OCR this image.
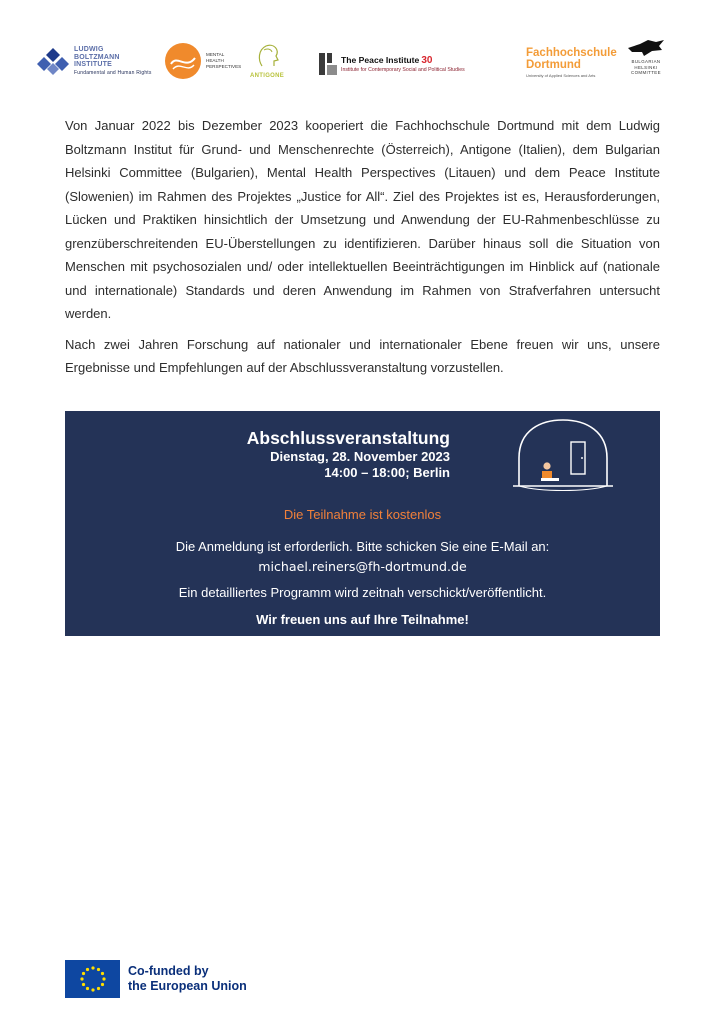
LUDWIG
BOLTZMANN
INSTITUTE
Fundamental and Human Rights
MENTAL
HEALTH
PERSPECTIVES
ANTIGONE
The Peace Institute 30
Institute for Contemporary Social and Political Studies
Fachhochschule
Dortmund
University of Applied Sciences and Arts
BULGARIAN
HELSINKI
COMMITTEE

Von Januar 2022 bis Dezember 2023 kooperiert die Fachhochschule Dortmund mit dem Ludwig Boltzmann Institut für Grund- und Menschenrechte (Österreich), Antigone (Italien), dem Bulgarian Helsinki Committee (Bulgarien), Mental Health Perspectives (Litauen) und dem Peace Institute (Slowenien) im Rahmen des Projektes „Justice for All“. Ziel des Projektes ist es, Herausforderungen, Lücken und Praktiken hinsichtlich der Umsetzung und Anwendung der EU-Rahmenbeschlüsse zu grenzüberschreitenden EU-Überstellungen zu identifizieren. Darüber hinaus soll die Situation von Menschen mit psychosozialen und/ oder intellektuellen Beeinträchtigungen im Hinblick auf (nationale und internationale) Standards und deren Anwendung im Rahmen von Strafverfahren untersucht werden.

Nach zwei Jahren Forschung auf nationaler und internationaler Ebene freuen wir uns, unsere Ergebnisse und Empfehlungen auf der Abschlussveranstaltung vorzustellen.

Abschlussveranstaltung
Dienstag, 28. November 2023
14:00 – 18:00; Berlin
Die Teilnahme ist kostenlos
Die Anmeldung ist erforderlich. Bitte schicken Sie eine E-Mail an:
michael.reiners@fh-dortmund.de
Ein detailliertes Programm wird zeitnah verschickt/veröffentlicht.
Wir freuen uns auf Ihre Teilnahme!
Co-funded by
the European Union
